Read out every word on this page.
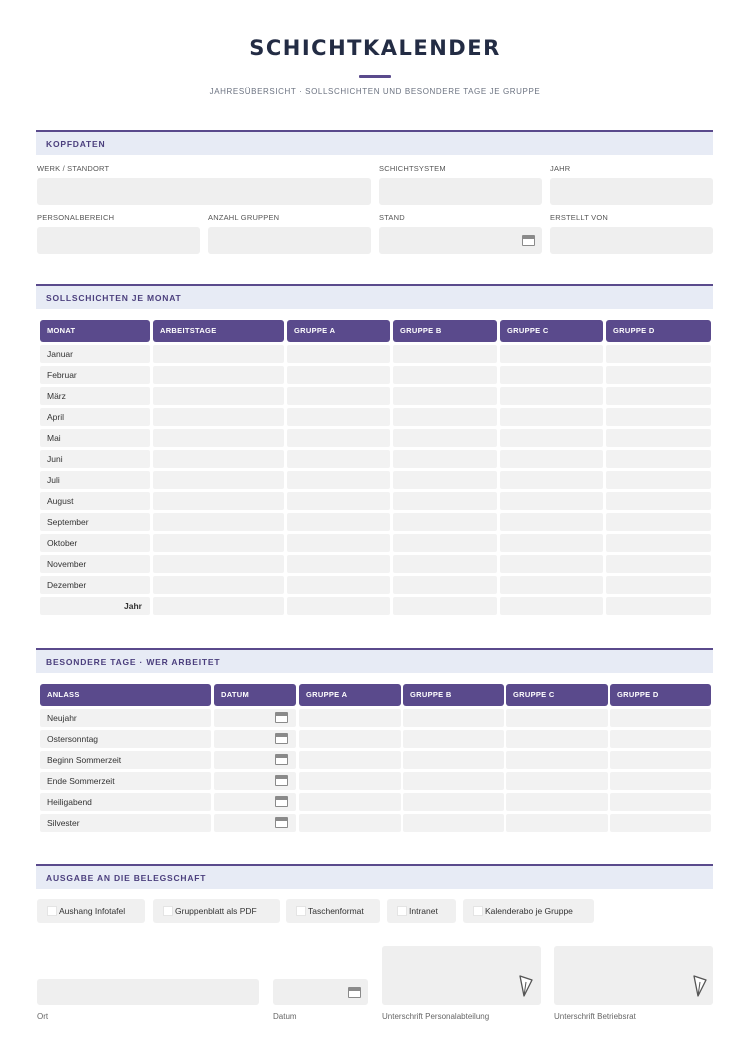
SCHICHTKALENDER
JAHRESÜBERSICHT · SOLLSCHICHTEN UND BESONDERE TAGE JE GRUPPE
KOPFDATEN
WERK / STANDORT	SCHICHTSYSTEM	JAHR
PERSONALBEREICH	ANZAHL GRUPPEN	STAND	ERSTELLT VON
SOLLSCHICHTEN JE MONAT
MONAT	ARBEITSTAGE	GRUPPE A	GRUPPE B	GRUPPE C	GRUPPE D
Januar
Februar
März
April
Mai
Juni
Juli
August
September
Oktober
November
Dezember
Jahr
BESONDERE TAGE · WER ARBEITET
ANLASS	DATUM	GRUPPE A	GRUPPE B	GRUPPE C	GRUPPE D
Neujahr
Ostersonntag
Beginn Sommerzeit
Ende Sommerzeit
Heiligabend
Silvester
AUSGABE AN DIE BELEGSCHAFT
Aushang Infotafel	Gruppenblatt als PDF	Taschenformat	Intranet	Kalenderabo je Gruppe
Ort	Datum	Unterschrift Personalabteilung	Unterschrift Betriebsrat
